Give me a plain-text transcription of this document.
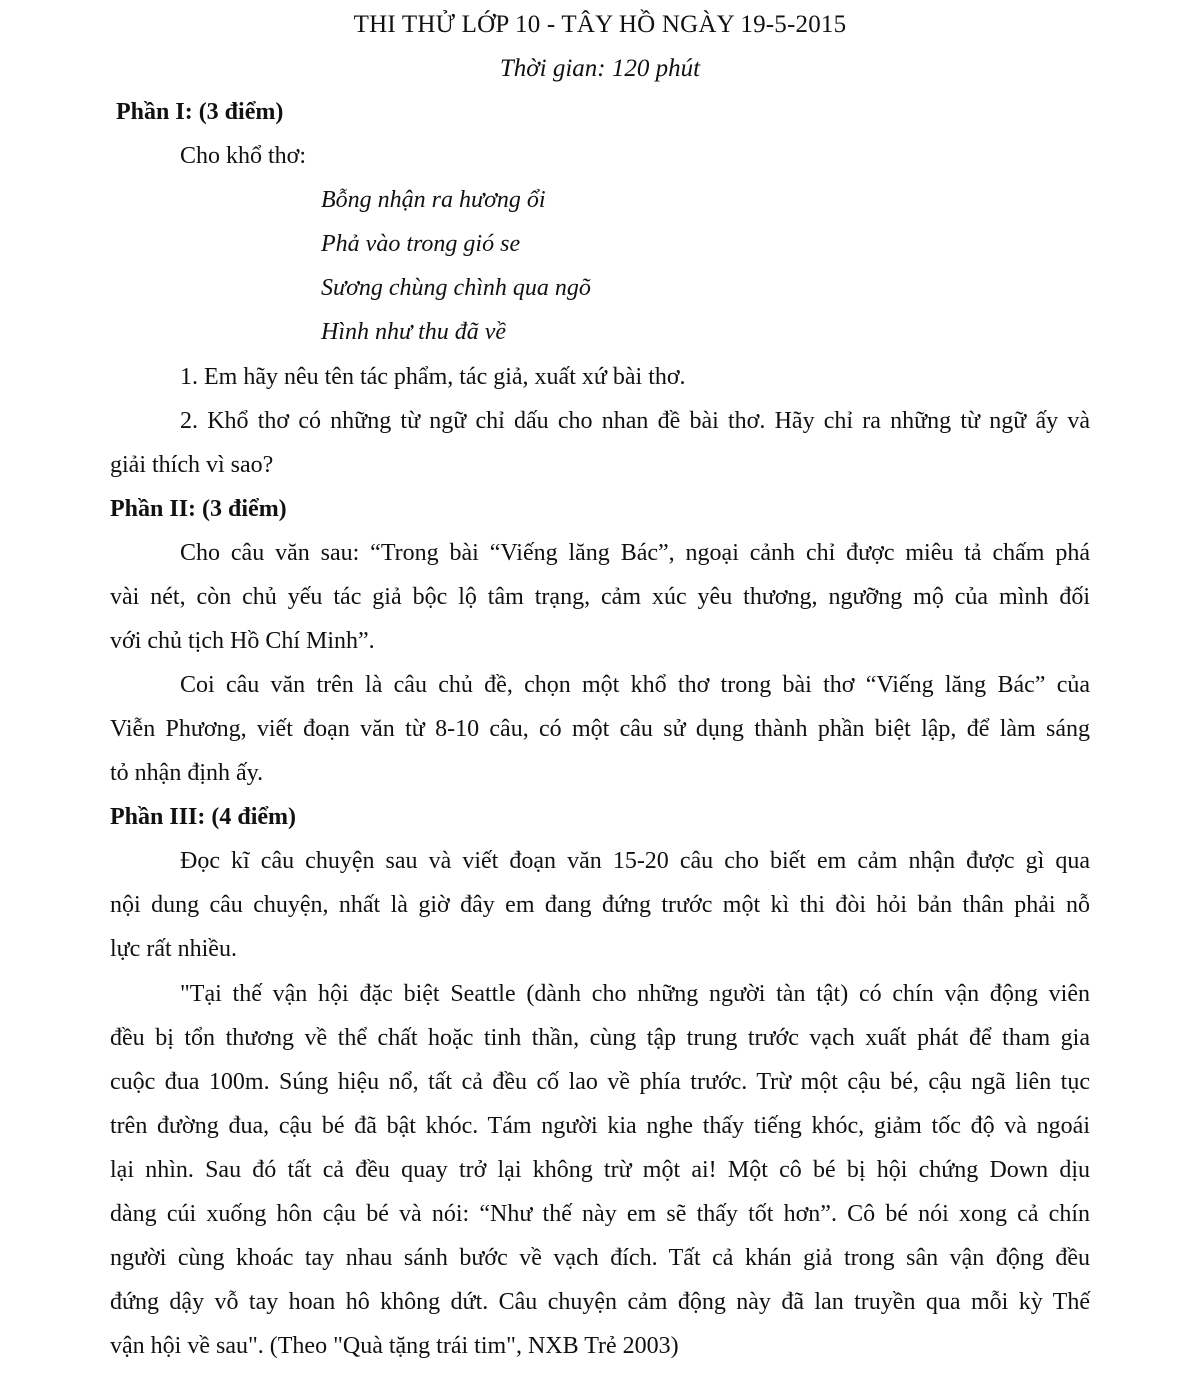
THI THỬ LỚP 10 - TÂY HỒ NGÀY 19-5-2015
Thời gian: 120 phút
Phần I: (3 điểm)
Cho khổ thơ:
Bỗng nhận ra hương ổi
Phả vào trong gió se
Sương chùng chình qua ngõ
Hình như thu đã về
1. Em hãy nêu tên tác phẩm, tác giả, xuất xứ bài thơ.
2. Khổ thơ có những từ ngữ chỉ dấu cho nhan đề bài thơ. Hãy chỉ ra những từ ngữ ấy và
giải thích vì sao?
Phần II: (3 điểm)
Cho câu văn sau: “Trong bài “Viếng lăng Bác”, ngoại cảnh chỉ được miêu tả chấm phá
vài nét, còn chủ yếu tác giả bộc lộ tâm trạng, cảm xúc yêu thương, ngưỡng mộ của mình đối
với chủ tịch Hồ Chí Minh”.
Coi câu văn trên là câu chủ đề, chọn một khổ thơ trong bài thơ “Viếng lăng Bác” của
Viễn Phương, viết đoạn văn từ 8-10 câu, có một câu sử dụng thành phần biệt lập, để làm sáng
tỏ nhận định ấy.
Phần III: (4 điểm)
Đọc kĩ câu chuyện sau và viết đoạn văn 15-20 câu cho biết em cảm nhận được gì qua
nội dung câu chuyện, nhất là giờ đây em đang đứng trước một kì thi đòi hỏi bản thân phải nỗ
lực rất nhiều.
"Tại thế vận hội đặc biệt Seattle (dành cho những người tàn tật) có chín vận động viên
đều bị tổn thương về thể chất hoặc tinh thần, cùng tập trung trước vạch xuất phát để tham gia
cuộc đua 100m. Súng hiệu nổ, tất cả đều cố lao về phía trước. Trừ một cậu bé, cậu ngã liên tục
trên đường đua, cậu bé đã bật khóc. Tám người kia nghe thấy tiếng khóc, giảm tốc độ và ngoái
lại nhìn. Sau đó tất cả đều quay trở lại không trừ một ai! Một cô bé bị hội chứng Down dịu
dàng cúi xuống hôn cậu bé và nói: “Như thế này em sẽ thấy tốt hơn”. Cô bé nói xong cả chín
người cùng khoác tay nhau sánh bước về vạch đích. Tất cả khán giả trong sân vận động đều
đứng dậy vỗ tay hoan hô không dứt. Câu chuyện cảm động này đã lan truyền qua mỗi kỳ Thế
vận hội về sau". (Theo "Quà tặng trái tim", NXB Trẻ 2003)
